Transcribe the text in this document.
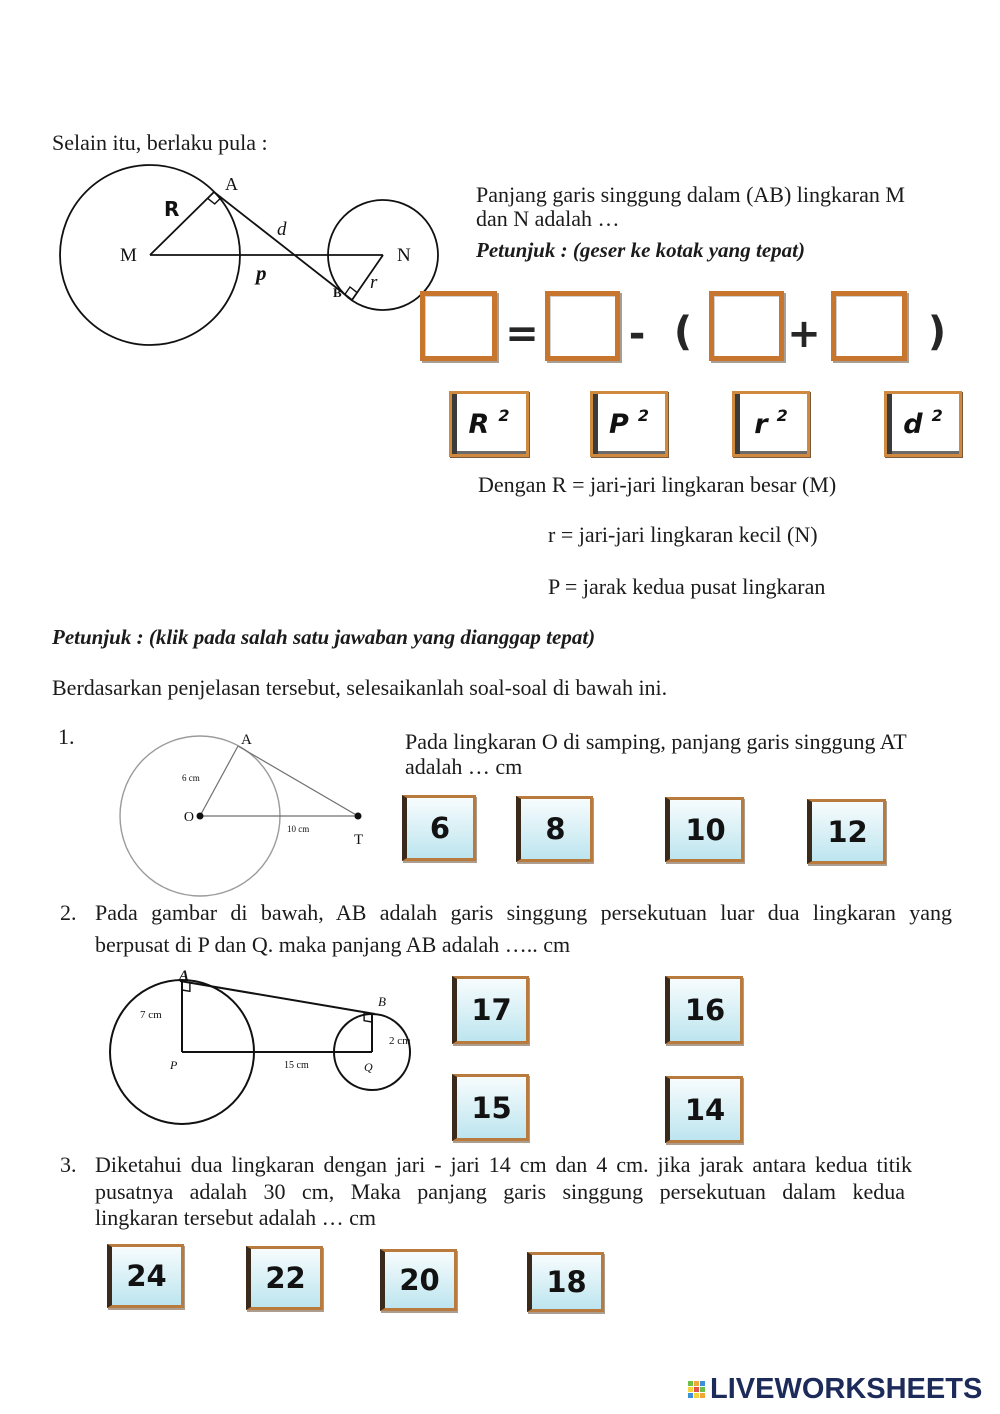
Selain itu, berlaku pula :
A
R
d
M	N
p
B r
Panjang garis singgung dalam (AB) lingkaran M
dan N adalah …
Petunjuk : (geser ke kotak yang tepat)
= - ( +	)
R 2	P 2	r 2	d 2
Dengan R = jari-jari lingkaran besar (M)
r = jari-jari lingkaran kecil (N)
P = jarak kedua pusat lingkaran
Petunjuk : (klik pada salah satu jawaban yang dianggap tepat)
Berdasarkan penjelasan tersebut, selesaikanlah soal-soal di bawah ini.
1.	A
6 cm
O
10 cm
T
Pada lingkaran O di samping, panjang garis singgung AT
adalah … cm
6	8	10	12
2. Pada gambar di bawah, AB adalah garis singgung persekutuan luar dua lingkaran yang
berpusat di P dan Q. maka panjang AB adalah ….. cm
A
B
7 cm
2 cm
P	15 cm	Q
17	16
15	14
3. Diketahui dua lingkaran dengan jari - jari 14 cm dan 4 cm. jika jarak antara kedua titik
pusatnya adalah 30 cm, Maka panjang garis singgung persekutuan dalam kedua
lingkaran tersebut adalah … cm
24	22	20	18
LIVEWORKSHEETS
